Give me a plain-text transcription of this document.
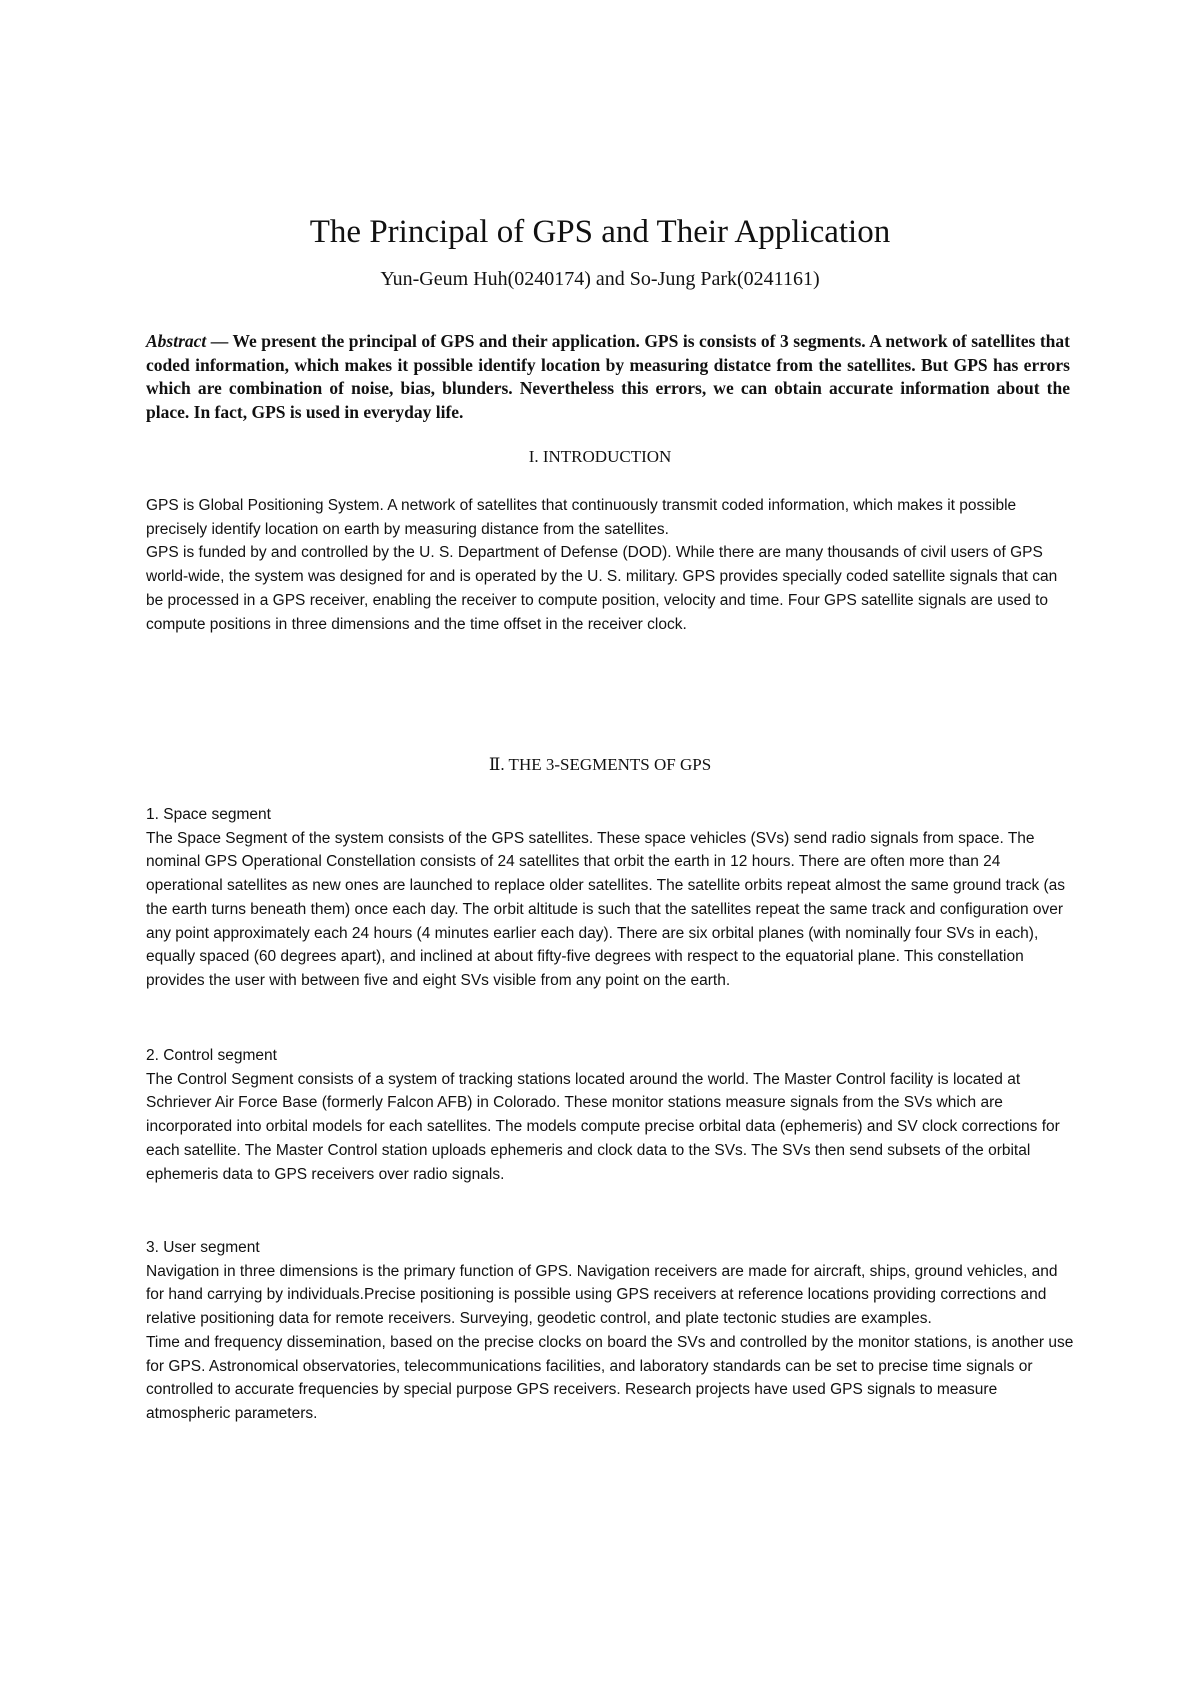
The Principal of GPS and Their Application
Yun-Geum Huh(0240174) and So-Jung Park(0241161)

Abstract — We present the principal of GPS and their application. GPS is consists of 3 segments. A network of satellites that coded information, which makes it possible identify location by measuring distatce from the satellites. But GPS has errors which are combination of noise, bias, blunders. Nevertheless this errors, we can obtain accurate information about the place. In fact, GPS is used in everyday life.

I. INTRODUCTION

GPS is Global Positioning System. A network of satellites that continuously transmit coded information, which makes it possible precisely identify location on earth by measuring distance from the satellites.

GPS is funded by and controlled by the U. S. Department of Defense (DOD). While there are many thousands of civil users of GPS world-wide, the system was designed for and is operated by the U. S. military. GPS provides specially coded satellite signals that can be processed in a GPS receiver, enabling the receiver to compute position, velocity and time. Four GPS satellite signals are used to compute positions in three dimensions and the time offset in the receiver clock.

Ⅱ. THE 3-SEGMENTS OF GPS

1. Space segment

The Space Segment of the system consists of the GPS satellites. These space vehicles (SVs) send radio signals from space. The nominal GPS Operational Constellation consists of 24 satellites that orbit the earth in 12 hours. There are often more than 24 operational satellites as new ones are launched to replace older satellites. The satellite orbits repeat almost the same ground track (as the earth turns beneath them) once each day. The orbit altitude is such that the satellites repeat the same track and configuration over any point approximately each 24 hours (4 minutes earlier each day). There are six orbital planes (with nominally four SVs in each), equally spaced (60 degrees apart), and inclined at about fifty-five degrees with respect to the equatorial plane. This constellation provides the user with between five and eight SVs visible from any point on the earth.

2. Control segment

The Control Segment consists of a system of tracking stations located around the world. The Master Control facility is located at Schriever Air Force Base (formerly Falcon AFB) in Colorado. These monitor stations measure signals from the SVs which are incorporated into orbital models for each satellites. The models compute precise orbital data (ephemeris) and SV clock corrections for each satellite. The Master Control station uploads ephemeris and clock data to the SVs. The SVs then send subsets of the orbital ephemeris data to GPS receivers over radio signals.

3. User segment

Navigation in three dimensions is the primary function of GPS. Navigation receivers are made for aircraft, ships, ground vehicles, and for hand carrying by individuals.Precise positioning is possible using GPS receivers at reference locations providing corrections and relative positioning data for remote receivers. Surveying, geodetic control, and plate tectonic studies are examples.

Time and frequency dissemination, based on the precise clocks on board the SVs and controlled by the monitor stations, is another use for GPS. Astronomical observatories, telecommunications facilities, and laboratory standards can be set to precise time signals or controlled to accurate frequencies by special purpose GPS receivers. Research projects have used GPS signals to measure atmospheric parameters.
